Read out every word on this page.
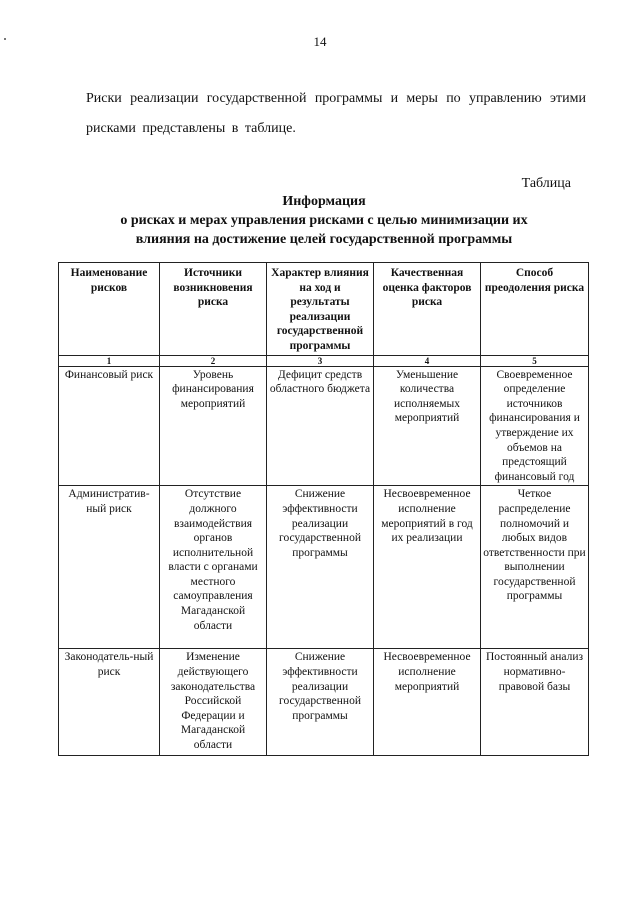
14

Риски реализации государственной программы и меры по управлению этими рисками представлены в таблице.

Таблица
Информация
о рисках и мерах управления рисками с целью минимизации их
влияния на достижение целей государственной программы
Наименование рисков	Источники возникновения риска	Характер влияния на ход и результаты реализации государственной программы	Качественная оценка факторов риска	Способ преодоления риска
1	2	3	4	5
Финансовый риск	Уровень финансирования мероприятий	Дефицит средств областного бюджета	Уменьшение количества исполняемых мероприятий	Своевременное определение источников финансирования и утверждение их объемов на предстоящий финансовый год
Административ-ный риск	Отсутствие должного взаимодействия органов исполнительной власти с органами местного самоуправления Магаданской области	Снижение эффективности реализации государственной программы	Несвоевременное исполнение мероприятий в год их реализации	Четкое распределение полномочий и любых видов ответственности при выполнении государственной программы
Законодатель-ный риск	Изменение действующего законодательства Российской Федерации и Магаданской области	Снижение эффективности реализации государственной программы	Несвоевременное исполнение мероприятий	Постоянный анализ нормативно-правовой базы
